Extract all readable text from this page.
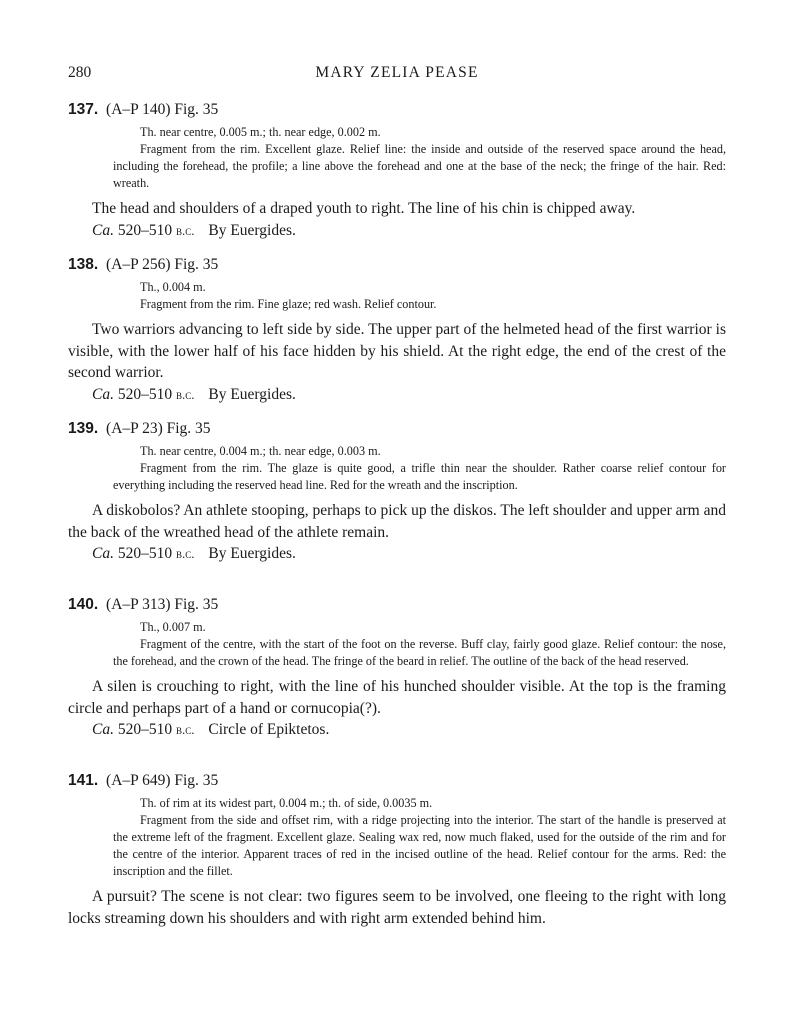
280	MARY ZELIA PEASE
137. (A–P 140) Fig. 35
Th. near centre, 0.005 m.; th. near edge, 0.002 m.
Fragment from the rim. Excellent glaze. Relief line: the inside and outside of the reserved space around the head, including the forehead, the profile; a line above the forehead and one at the base of the neck; the fringe of the hair. Red: wreath.
The head and shoulders of a draped youth to right. The line of his chin is chipped away.
Ca. 520–510 b.c. By Euergides.
138. (A–P 256) Fig. 35
Th., 0.004 m.
Fragment from the rim. Fine glaze; red wash. Relief contour.
Two warriors advancing to left side by side. The upper part of the helmeted head of the first warrior is visible, with the lower half of his face hidden by his shield. At the right edge, the end of the crest of the second warrior.
Ca. 520–510 b.c. By Euergides.
139. (A–P 23) Fig. 35
Th. near centre, 0.004 m.; th. near edge, 0.003 m.
Fragment from the rim. The glaze is quite good, a trifle thin near the shoulder. Rather coarse relief contour for everything including the reserved head line. Red for the wreath and the inscription.
A diskobolos? An athlete stooping, perhaps to pick up the diskos. The left shoulder and upper arm and the back of the wreathed head of the athlete remain.
Ca. 520–510 b.c. By Euergides.
140. (A–P 313) Fig. 35
Th., 0.007 m.
Fragment of the centre, with the start of the foot on the reverse. Buff clay, fairly good glaze. Relief contour: the nose, the forehead, and the crown of the head. The fringe of the beard in relief. The outline of the back of the head reserved.
A silen is crouching to right, with the line of his hunched shoulder visible. At the top is the framing circle and perhaps part of a hand or cornucopia(?).
Ca. 520–510 b.c. Circle of Epiktetos.
141. (A–P 649) Fig. 35
Th. of rim at its widest part, 0.004 m.; th. of side, 0.0035 m.
Fragment from the side and offset rim, with a ridge projecting into the interior. The start of the handle is preserved at the extreme left of the fragment. Excellent glaze. Sealing wax red, now much flaked, used for the outside of the rim and for the centre of the interior. Apparent traces of red in the incised outline of the head. Relief contour for the arms. Red: the inscription and the fillet.
A pursuit? The scene is not clear: two figures seem to be involved, one fleeing to the right with long locks streaming down his shoulders and with right arm extended behind him.
